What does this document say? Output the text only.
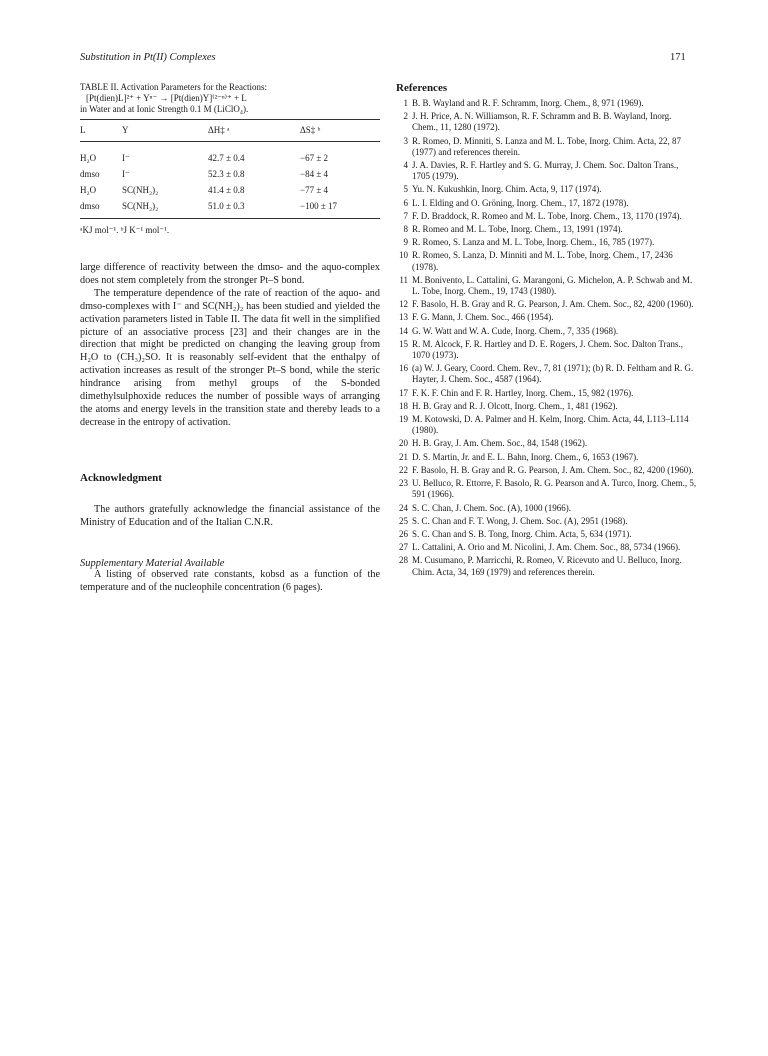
Substitution in Pt(II) Complexes	171
TABLE II. Activation Parameters for the Reactions:
[Pt(dien)L]²⁺ + Yⁿ⁻ → [Pt(dien)Y]⁽²⁻ⁿ⁾⁺ + L
in Water and at Ionic Strength 0.1 M (LiClO₄).
L	Y	ΔH‡ ᵃ	ΔS‡ ᵇ
H₂O	I⁻	42.7 ± 0.4	−67 ± 2
dmso	I⁻	52.3 ± 0.8	−84 ± 4
H₂O	SC(NH₂)₂	41.4 ± 0.8	−77 ± 4
dmso	SC(NH₂)₂	51.0 ± 0.3	−100 ± 17
ᵃKJ mol⁻¹. ᵇJ K⁻¹ mol⁻¹.

large difference of reactivity between the dmso- and the aquo-complex does not stem completely from the stronger Pt–S bond.

The temperature dependence of the rate of reaction of the aquo- and dmso-complexes with I⁻ and SC(NH₂)₂ has been studied and yielded the activation parameters listed in Table II. The data fit well in the simplified picture of an associative process [23] and their changes are in the direction that might be predicted on changing the leaving group from H₂O to (CH₃)₂SO. It is reasonably self-evident that the enthalpy of activation increases as result of the stronger Pt–S bond, while the steric hindrance arising from methyl groups of the S-bonded dimethylsulphoxide reduces the number of possible ways of arranging the atoms and energy levels in the transition state and thereby leads to a decrease in the entropy of activation.

Acknowledgment
The authors gratefully acknowledge the financial assistance of the Ministry of Education and of the Italian C.N.R.
Supplementary Material Available
A listing of observed rate constants, kobsd as a function of the temperature and of the nucleophile concentration (6 pages).
References
1 B. B. Wayland and R. F. Schramm, Inorg. Chem., 8, 971 (1969).
2 J. H. Price, A. N. Williamson, R. F. Schramm and B. B. Wayland, Inorg. Chem., 11, 1280 (1972).
3 R. Romeo, D. Minniti, S. Lanza and M. L. Tobe, Inorg. Chim. Acta, 22, 87 (1977) and references therein.
4 J. A. Davies, R. F. Hartley and S. G. Murray, J. Chem. Soc. Dalton Trans., 1705 (1979).
5 Yu. N. Kukushkin, Inorg. Chim. Acta, 9, 117 (1974).
6 L. I. Elding and O. Gröning, Inorg. Chem., 17, 1872 (1978).
7 F. D. Braddock, R. Romeo and M. L. Tobe, Inorg. Chem., 13, 1170 (1974).
8 R. Romeo and M. L. Tobe, Inorg. Chem., 13, 1991 (1974).
9 R. Romeo, S. Lanza and M. L. Tobe, Inorg. Chem., 16, 785 (1977).
10 R. Romeo, S. Lanza, D. Minniti and M. L. Tobe, Inorg. Chem., 17, 2436 (1978).
11 M. Bonivento, L. Cattalini, G. Marangoni, G. Michelon, A. P. Schwab and M. L. Tobe, Inorg. Chem., 19, 1743 (1980).
12 F. Basolo, H. B. Gray and R. G. Pearson, J. Am. Chem. Soc., 82, 4200 (1960).
13 F. G. Mann, J. Chem. Soc., 466 (1954).
14 G. W. Watt and W. A. Cude, Inorg. Chem., 7, 335 (1968).
15 R. M. Alcock, F. R. Hartley and D. E. Rogers, J. Chem. Soc. Dalton Trans., 1070 (1973).
16 (a) W. J. Geary, Coord. Chem. Rev., 7, 81 (1971); (b) R. D. Feltham and R. G. Hayter, J. Chem. Soc., 4587 (1964).
17 F. K. F. Chin and F. R. Hartley, Inorg. Chem., 15, 982 (1976).
18 H. B. Gray and R. J. Olcott, Inorg. Chem., 1, 481 (1962).
19 M. Kotowski, D. A. Palmer and H. Kelm, Inorg. Chim. Acta, 44, L113–L114 (1980).
20 H. B. Gray, J. Am. Chem. Soc., 84, 1548 (1962).
21 D. S. Martin, Jr. and E. L. Bahn, Inorg. Chem., 6, 1653 (1967).
22 F. Basolo, H. B. Gray and R. G. Pearson, J. Am. Chem. Soc., 82, 4200 (1960).
23 U. Belluco, R. Ettorre, F. Basolo, R. G. Pearson and A. Turco, Inorg. Chem., 5, 591 (1966).
24 S. C. Chan, J. Chem. Soc. (A), 1000 (1966).
25 S. C. Chan and F. T. Wong, J. Chem. Soc. (A), 2951 (1968).
26 S. C. Chan and S. B. Tong, Inorg. Chim. Acta, 5, 634 (1971).
27 L. Cattalini, A. Orio and M. Nicolini, J. Am. Chem. Soc., 88, 5734 (1966).
28 M. Cusumano, P. Marricchi, R. Romeo, V. Ricevuto and U. Belluco, Inorg. Chim. Acta, 34, 169 (1979) and references therein.
